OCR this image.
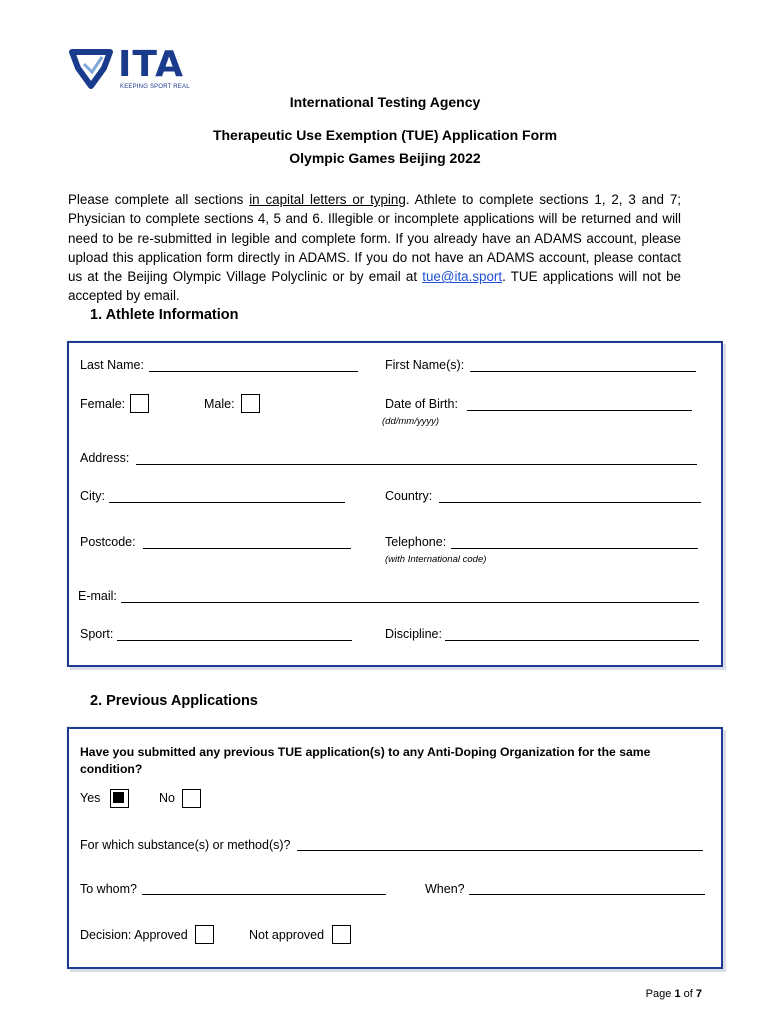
ITA
KEEPING SPORT REAL
International Testing Agency
Therapeutic Use Exemption (TUE) Application Form
Olympic Games Beijing 2022
Please complete all sections in capital letters or typing. Athlete to complete sections 1, 2, 3 and 7; Physician to complete sections 4, 5 and 6. Illegible or incomplete applications will be returned and will need to be re-submitted in legible and complete form. If you already have an ADAMS account, please upload this application form directly in ADAMS. If you do not have an ADAMS account, please contact us at the Beijing Olympic Village Polyclinic or by email at tue@ita.sport. TUE applications will not be accepted by email.
1. Athlete Information
Last Name:	First Name(s):
Female:	Male:	Date of Birth:
(dd/mm/yyyy)
Address:
City:	Country:
Postcode:	Telephone:
(with International code)
E-mail:
Sport:	Discipline:
2. Previous Applications
Have you submitted any previous TUE application(s) to any Anti-Doping Organization for the same condition?
Yes	No
For which substance(s) or method(s)?
To whom?	When?
Decision: Approved	Not approved
Page 1 of 7
